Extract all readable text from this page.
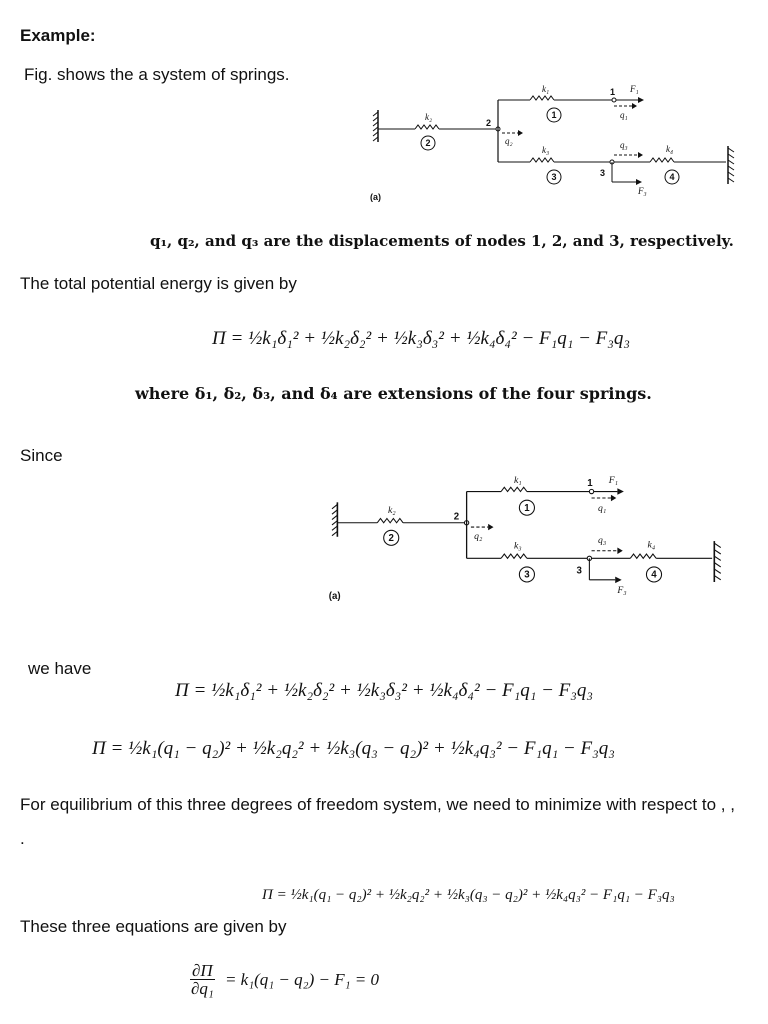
Example:
Fig. shows the a system of springs.
k₂
2
2
q₂
k₁
1
1 F₁
q₁
k₃
3	3
F₃
q₃	k₄
4
(a)
q₁, q₂, and q₃ are the displacements of nodes 1, 2, and 3, respectively.
The total potential energy is given by
Π = ½k₁δ₁² + ½k₂δ₂² + ½k₃δ₃² + ½k₄δ₄² − F₁q₁ − F₃q₃
where δ₁, δ₂, δ₃, and δ₄ are extensions of the four springs.
Since
k₂
2
2
q₂
k₁
1
1 F₁
q₁
k₃
3	3
F₃
q₃	k₄
4
(a)
we have
Π = ½k₁δ₁² + ½k₂δ₂² + ½k₃δ₃² + ½k₄δ₄² − F₁q₁ − F₃q₃
Π = ½k₁(q₁ − q₂)² + ½k₂q₂² + ½k₃(q₃ − q₂)² + ½k₄q₃² − F₁q₁ − F₃q₃
For equilibrium of this three degrees of freedom system, we need to minimize with respect to , , .
Π = ½k₁(q₁ − q₂)² + ½k₂q₂² + ½k₃(q₃ − q₂)² + ½k₄q₃² − F₁q₁ − F₃q₃
These three equations are given by
$\frac{\partial\Pi}{\text{∂q₁}} = k_1(q_1 - q_2) - F_1 = 0$
